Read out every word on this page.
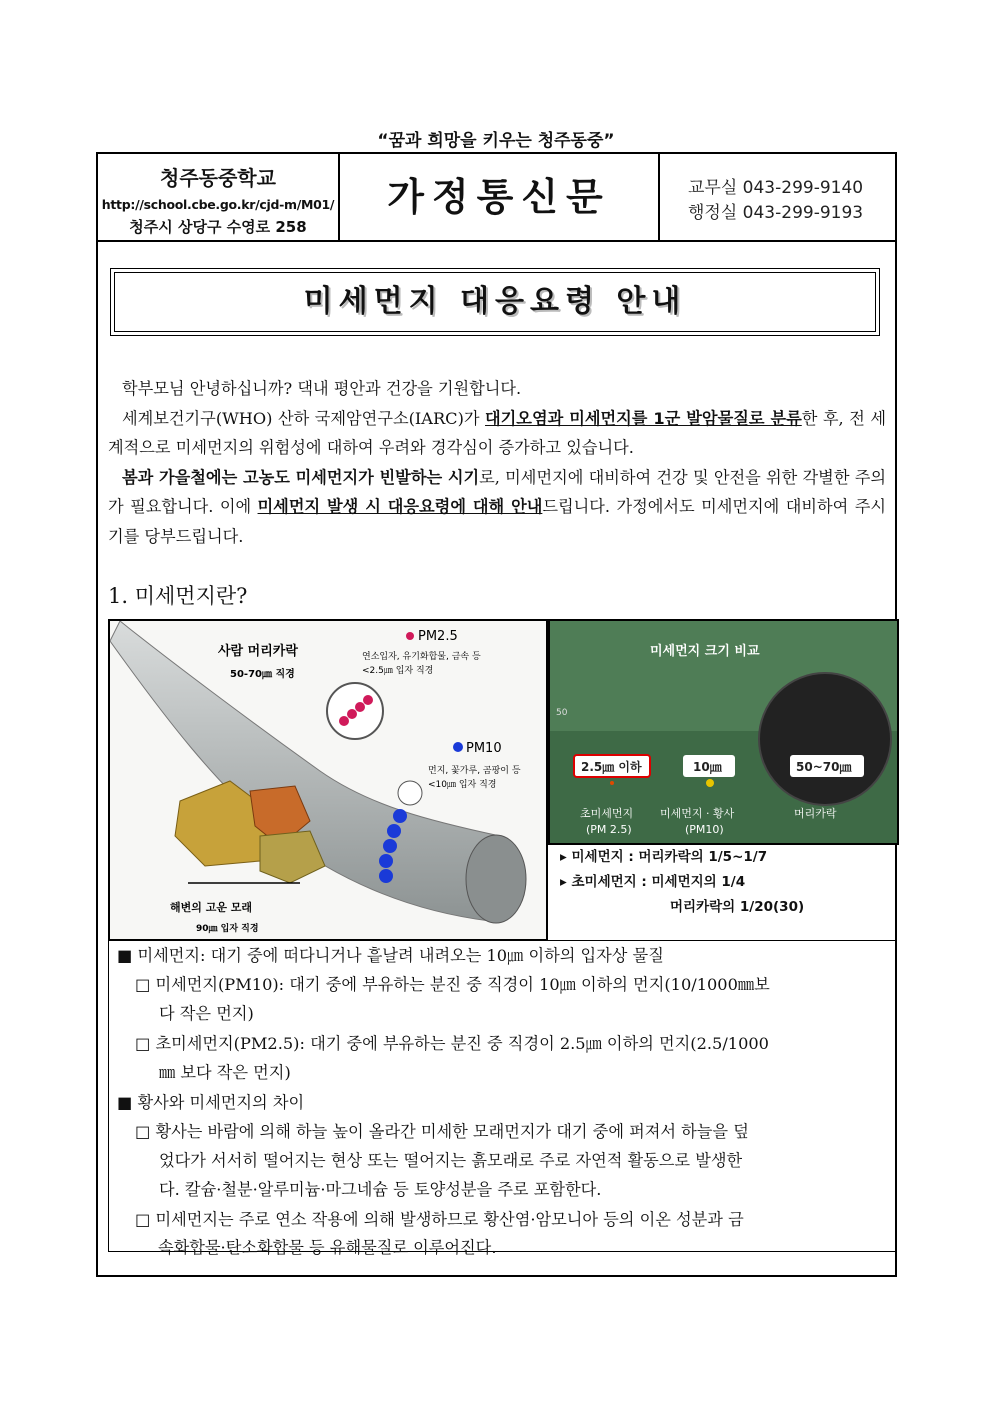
“꿈과 희망을 키우는 청주동중”
청주동중학교
http://school.cbe.go.kr/cjd-m/M01/
청주시 상당구 수영로 258
가정통신문	교무실 043-299-9140
행정실 043-299-9193
미세먼지 대응요령 안내

학부모님 안녕하십니까? 댁내 평안과 건강을 기원합니다.

세계보건기구(WHO) 산하 국제암연구소(IARC)가 대기오염과 미세먼지를 1군 발암물질로 분류한 후, 전 세계적으로 미세먼지의 위험성에 대하여 우려와 경각심이 증가하고 있습니다.

봄과 가을철에는 고농도 미세먼지가 빈발하는 시기로, 미세먼지에 대비하여 건강 및 안전을 위한 각별한 주의가 필요합니다. 이에 미세먼지 발생 시 대응요령에 대해 안내드립니다. 가정에서도 미세먼지에 대비하여 주시기를 당부드립니다.

1. 미세먼지란?
사람 머리카락
50-70㎛ 직경
PM2.5
연소입자, 유기화합물, 금속 등
<2.5㎛ 입자 직경
PM10
먼지, 꽃가루, 곰팡이 등
<10㎛ 입자 직경
해변의 고운 모래
90㎛ 입자 직경
미세먼지 크기 비교
50
2.5㎛ 이하	10㎛	50~70㎛
초미세먼지
(PM 2.5)
미세먼지 · 황사
(PM10)
머리카락
▸ 미세먼지 : 머리카락의 1/5~1/7
▸ 초미세먼지 : 미세먼지의 1/4
머리카락의 1/20(30)
■ 미세먼지: 대기 중에 떠다니거나 흩날려 내려오는 10㎛ 이하의 입자상 물질
□ 미세먼지(PM10): 대기 중에 부유하는 분진 중 직경이 10㎛ 이하의 먼지(10/1000㎜보
다 작은 먼지)
□ 초미세먼지(PM2.5): 대기 중에 부유하는 분진 중 직경이 2.5㎛ 이하의 먼지(2.5/1000
㎜ 보다 작은 먼지)
■ 황사와 미세먼지의 차이
□ 황사는 바람에 의해 하늘 높이 올라간 미세한 모래먼지가 대기 중에 퍼져서 하늘을 덮
었다가 서서히 떨어지는 현상 또는 떨어지는 흙모래로 주로 자연적 활동으로 발생한
다. 칼슘·철분·알루미늄·마그네슘 등 토양성분을 주로 포함한다.
□ 미세먼지는 주로 연소 작용에 의해 발생하므로 황산염·암모니아 등의 이온 성분과 금
속화합물·탄소화합물 등 유해물질로 이루어진다.
